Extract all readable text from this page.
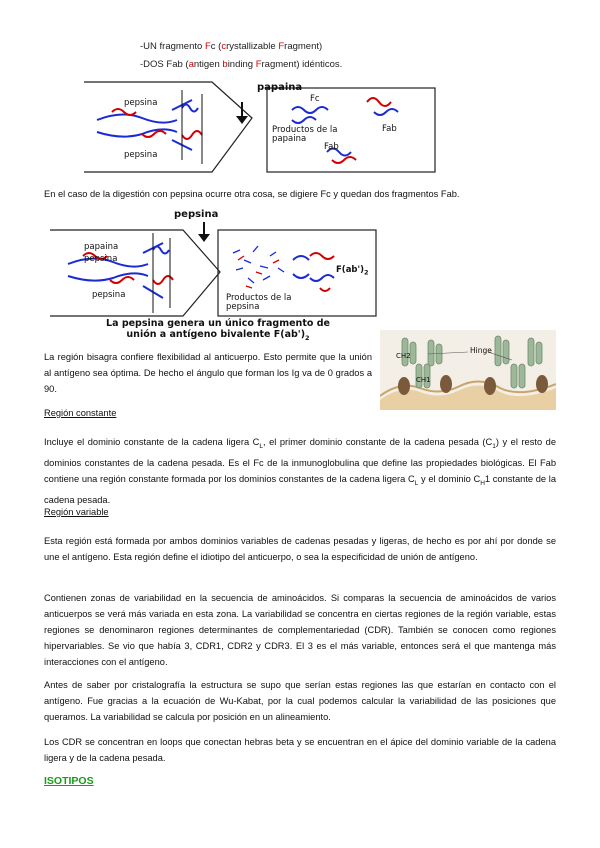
-UN fragmento Fc (crystallizable Fragment)
-DOS Fab (antigen binding Fragment) idénticos.
papaina
pepsina
pepsina
Fc
Fab
Fab
Productos de la
papaina

En el caso de la digestión con pepsina ocurre otra cosa, se digiere Fc y quedan dos fragmentos Fab.

pepsina
papaina
pepsina
pepsina
$F(ab')_2$
Productos de la
pepsina
La pepsina genera un único fragmento de
unión a antígeno bivalente $F(ab')_2$

La región bisagra confiere flexibilidad al anticuerpo. Esto permite que la unión al antígeno sea óptima. De hecho el ángulo que forman los Ig va de 0 grados a 90.

Hinge
CH2
CH1
Región constante

Incluye el dominio constante de la cadena ligera $C_L$, el primer dominio constante de la cadena pesada $(C_1)$ y el resto de dominios constantes de la cadena pesada. Es el Fc de la inmunoglobulina que define las propiedades biológicas. El Fab contiene una región constante formada por los dominios constantes de la cadena ligera $C_L$ y el dominio $C_H1$ constante de la cadena pesada.

Región variable

Esta región está formada por ambos dominios variables de cadenas pesadas y ligeras, de hecho es por ahí por donde se une el antígeno. Esta región define el idiotipo del anticuerpo, o sea la especificidad de unión de antígeno.

Contienen zonas de variabilidad en la secuencia de aminoácidos. Si comparas la secuencia de aminoácidos de varios anticuerpos se verá más variada en esta zona. La variabilidad se concentra en ciertas regiones de la región variable, estas regiones se denominaron regiones determinantes de complementariedad (CDR). También se conocen como regiones hipervariables. Se vio que había 3, CDR1, CDR2 y CDR3. El 3 es el más variable, entonces será el que mantenga más interacciones con el antígeno.

Antes de saber por cristalografía la estructura se supo que serían estas regiones las que estarían en contacto con el antígeno. Fue gracias a la ecuación de Wu-Kabat, por la cual podemos calcular la variabilidad de las posiciones que queramos. La variabilidad se calcula por posición en un alineamiento.

Los CDR se concentran en loops que conectan hebras beta y se encuentran en el ápice del dominio variable de la cadena ligera y de la cadena pesada.

ISOTIPOS
